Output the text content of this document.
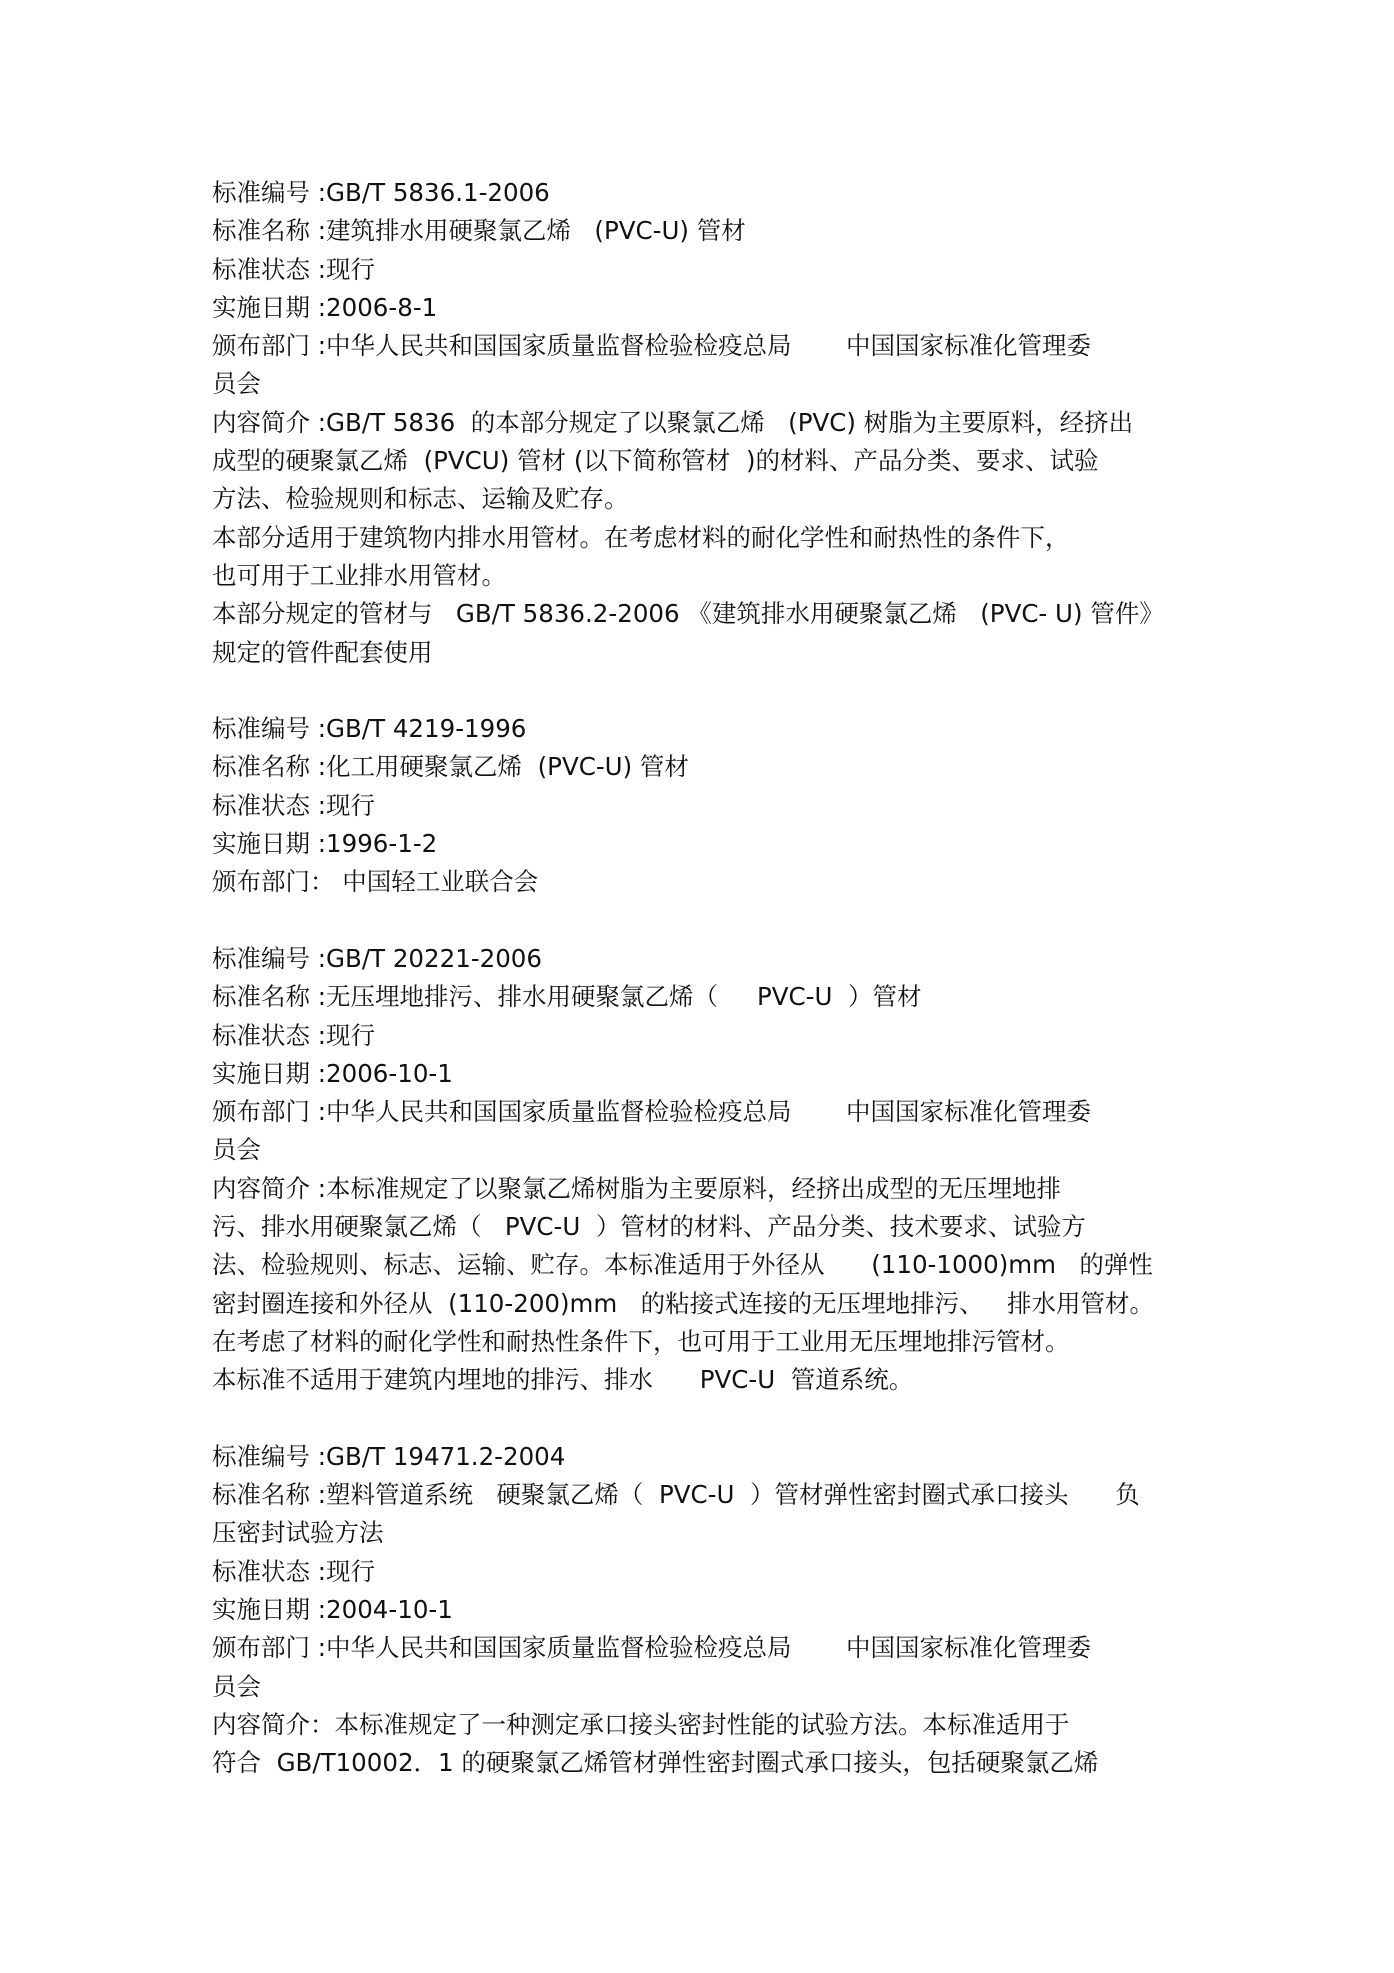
标准编号 :GB/T 5836.1-2006
标准名称 :建筑排水用硬聚氯乙烯   (PVC-U) 管材
标准状态 :现行
实施日期 :2006-8-1
颁布部门 :中华人民共和国国家质量监督检验检疫总局       中国国家标准化管理委
员会
内容简介 :GB/T 5836  的本部分规定了以聚氯乙烯   (PVC) 树脂为主要原料，经挤出
成型的硬聚氯乙烯  (PVCU) 管材 (以下简称管材  )的材料、产品分类、要求、试验
方法、检验规则和标志、运输及贮存。
本部分适用于建筑物内排水用管材。在考虑材料的耐化学性和耐热性的条件下，
也可用于工业排水用管材。
本部分规定的管材与   GB/T 5836.2-2006 《建筑排水用硬聚氯乙烯   (PVC- U) 管件》
规定的管件配套使用
标准编号 :GB/T 4219-1996
标准名称 :化工用硬聚氯乙烯  (PVC-U) 管材
标准状态 :现行
实施日期 :1996-1-2
颁布部门： 中国轻工业联合会
标准编号 :GB/T 20221-2006
标准名称 :无压埋地排污、排水用硬聚氯乙烯（     PVC-U  ）管材
标准状态 :现行
实施日期 :2006-10-1
颁布部门 :中华人民共和国国家质量监督检验检疫总局       中国国家标准化管理委
员会
内容简介 :本标准规定了以聚氯乙烯树脂为主要原料，经挤出成型的无压埋地排
污、排水用硬聚氯乙烯（   PVC-U  ）管材的材料、产品分类、技术要求、试验方
法、检验规则、标志、运输、贮存。本标准适用于外径从      (110-1000)mm   的弹性
密封圈连接和外径从  (110-200)mm   的粘接式连接的无压埋地排污、   排水用管材。
在考虑了材料的耐化学性和耐热性条件下，也可用于工业用无压埋地排污管材。
本标准不适用于建筑内埋地的排污、排水      PVC-U  管道系统。
标准编号 :GB/T 19471.2-2004
标准名称 :塑料管道系统   硬聚氯乙烯（  PVC-U  ）管材弹性密封圈式承口接头      负
压密封试验方法
标准状态 :现行
实施日期 :2004-10-1
颁布部门 :中华人民共和国国家质量监督检验检疫总局       中国国家标准化管理委
员会
内容简介：本标准规定了一种测定承口接头密封性能的试验方法。本标准适用于
符合  GB/T10002．1 的硬聚氯乙烯管材弹性密封圈式承口接头，包括硬聚氯乙烯
